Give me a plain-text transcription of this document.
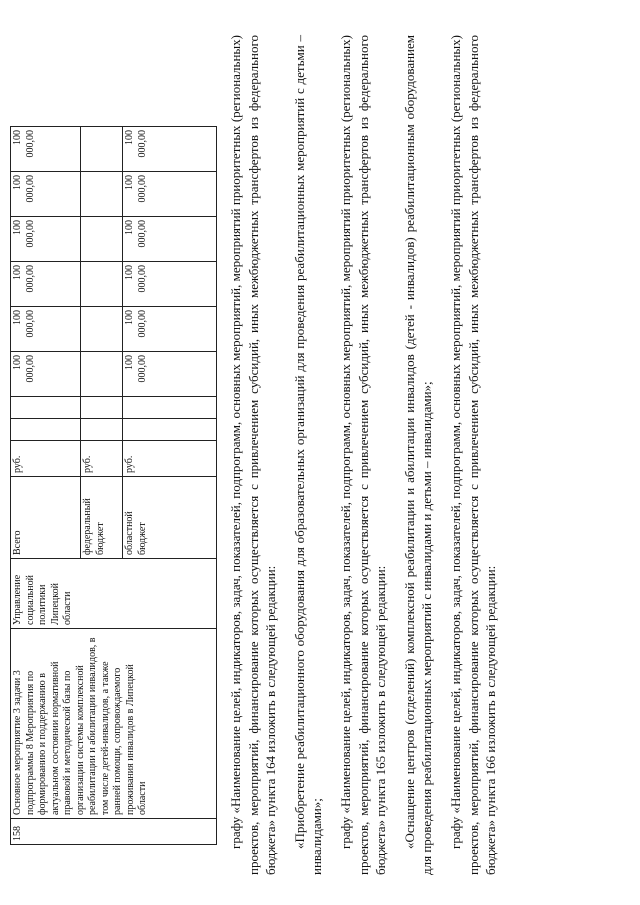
158	Основное мероприятие 3 задачи 3 подпрограммы 8 Мероприятия по формированию и поддержанию в актуальном состоянии нормативной правовой и методической базы по организации системы комплексной реабилитации и абилитации инвалидов, в том числе детей-инвалидов, а также ранней помощи, сопровождаемого проживания инвалидов в Липецкой области	Управление социальной политики Липецкой области	Всего	руб.			100 000,00	100 000,00	100 000,00	100 000,00	100 000,00	100 000,00
			федеральный бюджет	руб.								
			областной бюджет	руб.			100 000,00	100 000,00	100 000,00	100 000,00	100 000,00	100 000,00	графу «Наименование целей, индикаторов, задач, показателей, подпрограмм, основных мероприятий, мероприятий приоритетных (региональных) проектов, мероприятий, финансирование которых осуществляется с привлечением субсидий, иных межбюджетных трансфертов из федерального бюджета» пункта 164 изложить в следующей редакции: «Приобретение реабилитационного оборудования для образовательных организаций для проведения реабилитационных мероприятий с детьми – инвалидами»; графу «Наименование целей, индикаторов, задач, показателей, подпрограмм, основных мероприятий, мероприятий приоритетных (региональных) проектов, мероприятий, финансирование которых осуществляется с привлечением субсидий, иных межбюджетных трансфертов из федерального бюджета» пункта 165 изложить в следующей редакции: «Оснащение центров (отделений) комплексной реабилитации и абилитации инвалидов (детей - инвалидов) реабилитационным оборудованием для проведения реабилитационных мероприятий с инвалидами и детьми – инвалидами»; графу «Наименование целей, индикаторов, задач, показателей, подпрограмм, основных мероприятий, мероприятий приоритетных (региональных) проектов, мероприятий, финансирование которых осуществляется с привлечением субсидий, иных межбюджетных трансфертов из федерального бюджета» пункта 166 изложить в следующей редакции:
